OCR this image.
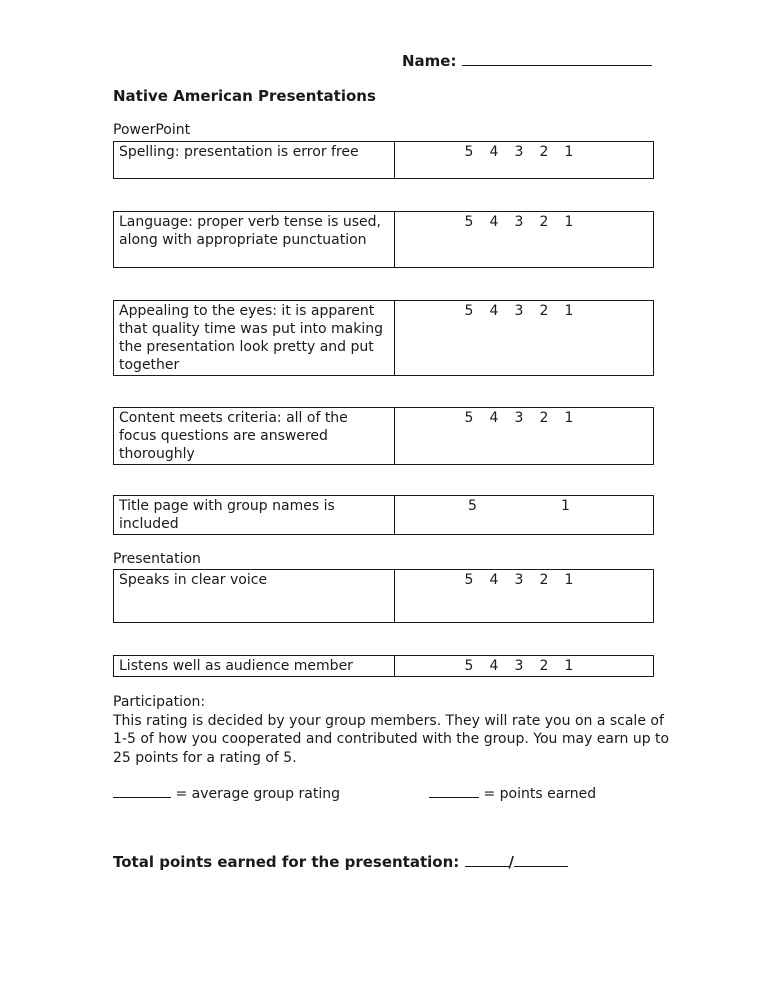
Name:
Native American Presentations
PowerPoint
Spelling: presentation is error free	5 4 3 2 1
Language: proper verb tense is used, along with appropriate punctuation	5 4 3 2 1
Appealing to the eyes: it is apparent that quality time was put into making the presentation look pretty and put together	5 4 3 2 1
Content meets criteria: all of the focus questions are answered thoroughly	5 4 3 2 1
Title page with group names is included	5	1
Presentation
Speaks in clear voice	5 4 3 2 1
Listens well as audience member	5 4 3 2 1
Participation:
This rating is decided by your group members. They will rate you on a scale of 1-5 of how you cooperated and contributed with the group. You may earn up to 25 points for a rating of 5.
= average group rating	= points earned
Total points earned for the presentation:	/
